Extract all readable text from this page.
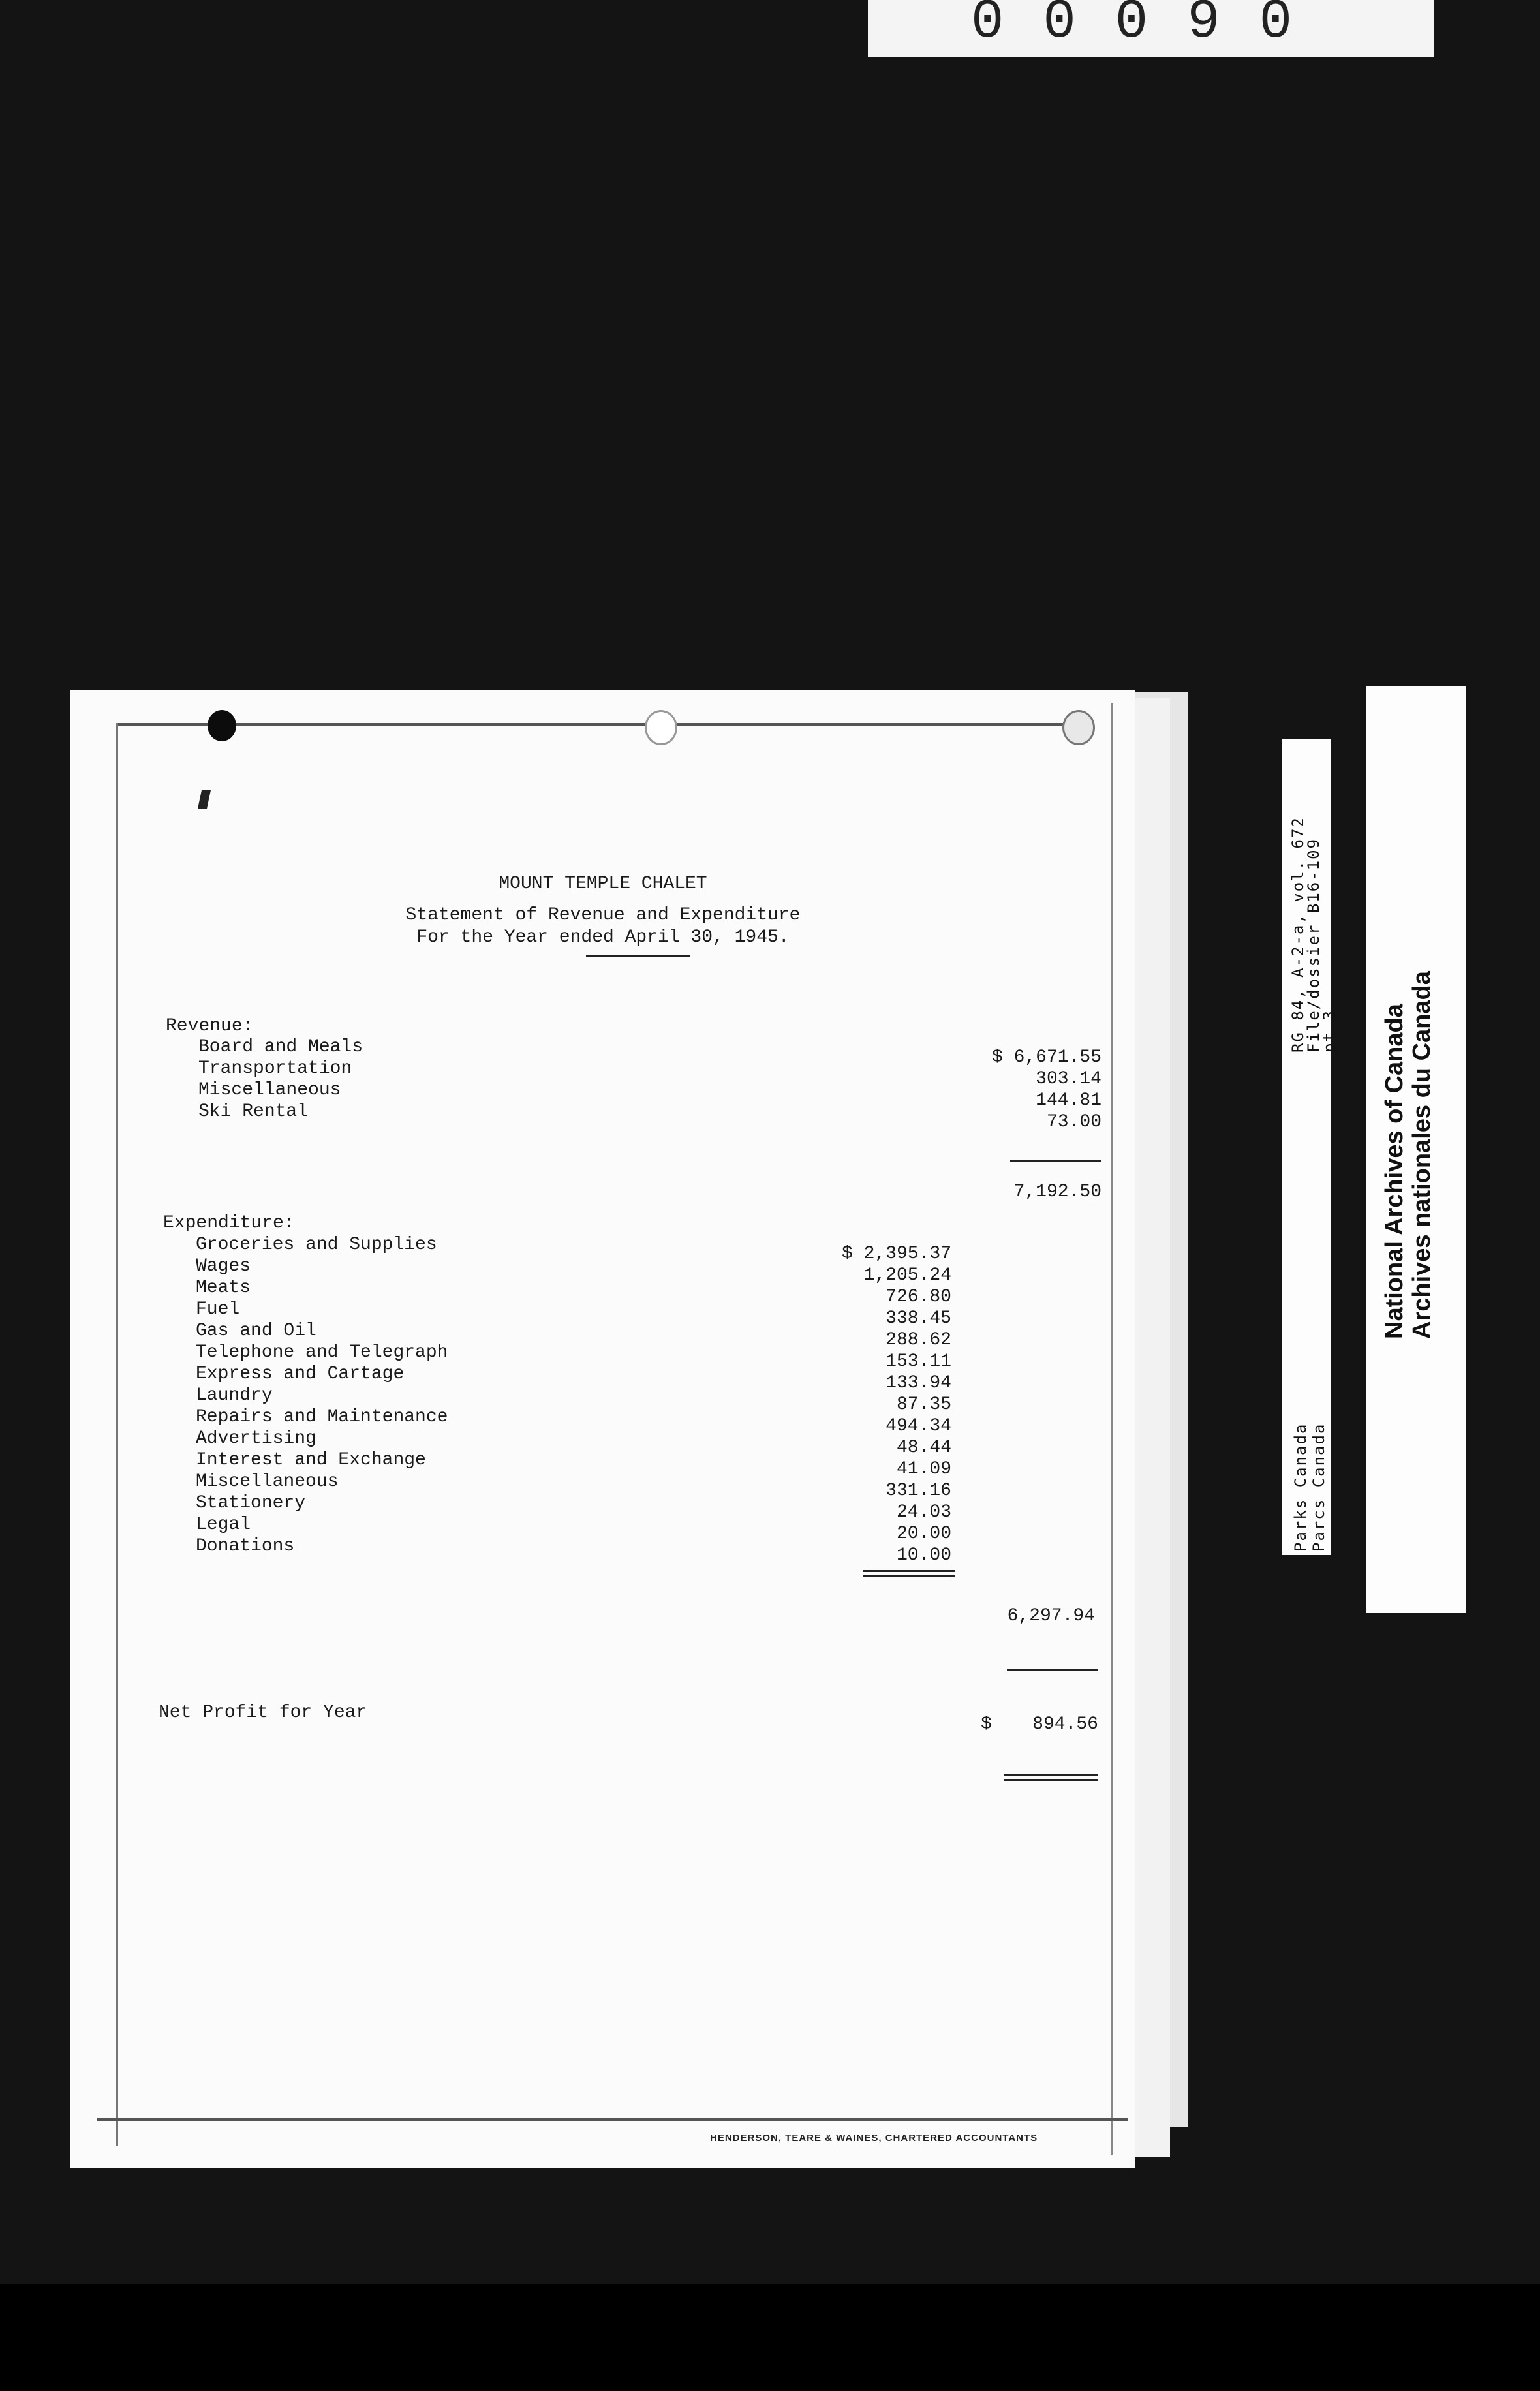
00090
MOUNT TEMPLE CHALET
Statement of Revenue and Expenditure
For the Year ended April 30, 1945.
Revenue:
Board and Meals
Transportation
Miscellaneous
Ski Rental
$ 6,671.55
303.14
144.81
73.00
7,192.50
Expenditure:
Groceries and Supplies
Wages
Meats
Fuel
Gas and Oil
Telephone and Telegraph
Express and Cartage
Laundry
Repairs and Maintenance
Advertising
Interest and Exchange
Miscellaneous
Stationery
Legal
Donations
$ 2,395.37
1,205.24
726.80
338.45
288.62
153.11
133.94
87.35
494.34
48.44
41.09
331.16
24.03
20.00
10.00
6,297.94
Net Profit for Year
$	894.56
HENDERSON, TEARE & WAINES, CHARTERED ACCOUNTANTS
RG 84, A-2-a, vol. 672
File/dossier B16-109
pt 3
Parks Canada Parcs Canada
National Archives of Canada Archives nationales du Canada
